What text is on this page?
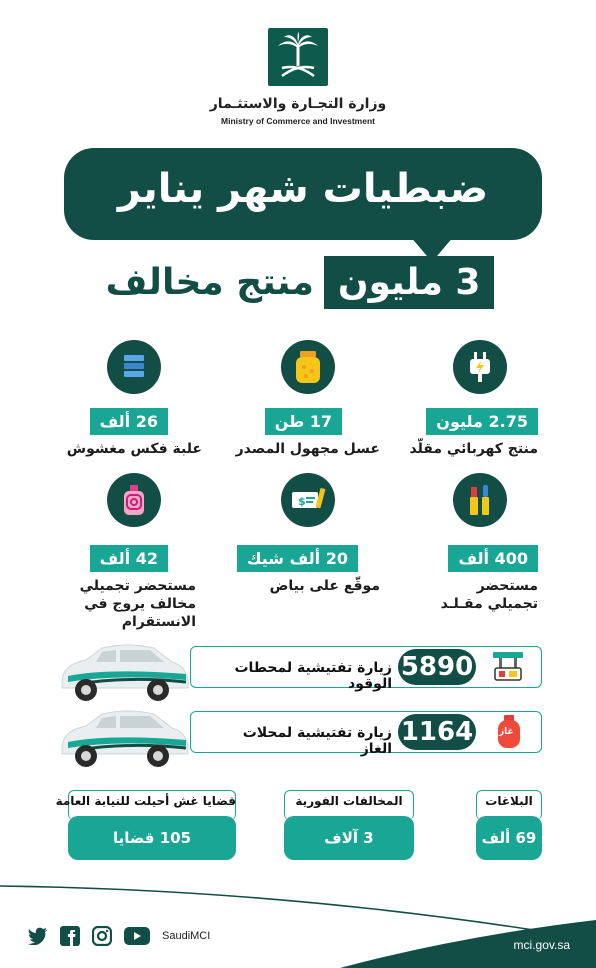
وزارة التجـارة والاستثـمار
Ministry of Commerce and Investment
ضبطيات شهر يناير
3 مليون
منتج مخالف
2.75 مليون
17 طن
26 ألف
منتج كهربائي مقلّد
عسل مجهول المصدر
علبة فكس مغشوش
$
400 ألف
20 ألف شيك
42 ألف
مستحضر تجميلي مقـلـد
موقّع على بياض
مستحضر تجميلي مخالف يروج في الانستقرام
5890
زيارة تفتيشية لمحطات الوقود
غاز
1164
زيارة تفتيشية لمحلات الغاز
البلاغات
69 ألف
المخالفات الفورية
3 آلاف
قضايا غش أحيلت للنيابة العامة
105 قضايا
SaudiMCI
mci.gov.sa
